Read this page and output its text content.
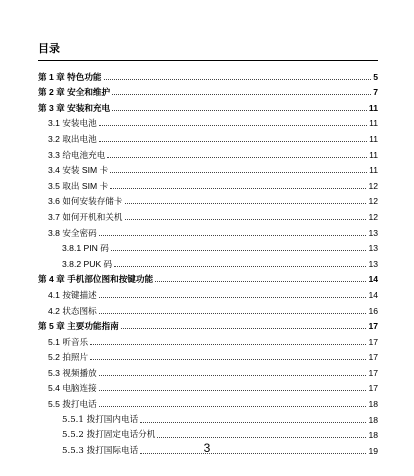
目录
第 1 章 特色功能	5
第 2 章 安全和维护	7
第 3 章 安装和充电	11
3.1 安装电池	11
3.2 取出电池	11
3.3 给电池充电	11
3.4 安装 SIM 卡	11
3.5 取出 SIM 卡	12
3.6 如何安装存储卡	12
3.7 如何开机和关机	12
3.8 安全密码	13
3.8.1 PIN 码	13
3.8.2 PUK 码	13
第 4 章 手机部位图和按键功能	14
4.1 按键描述	14
4.2 状态图标	16
第 5 章 主要功能指南	17
5.1 听音乐	17
5.2 拍照片	17
5.3 视频播放	17
5.4 电脑连接	17
5.5 拨打电话	18
5.5.1 拨打国内电话	18
5.5.2 拨打固定电话分机	18
5.5.3 拨打国际电话	19
3
